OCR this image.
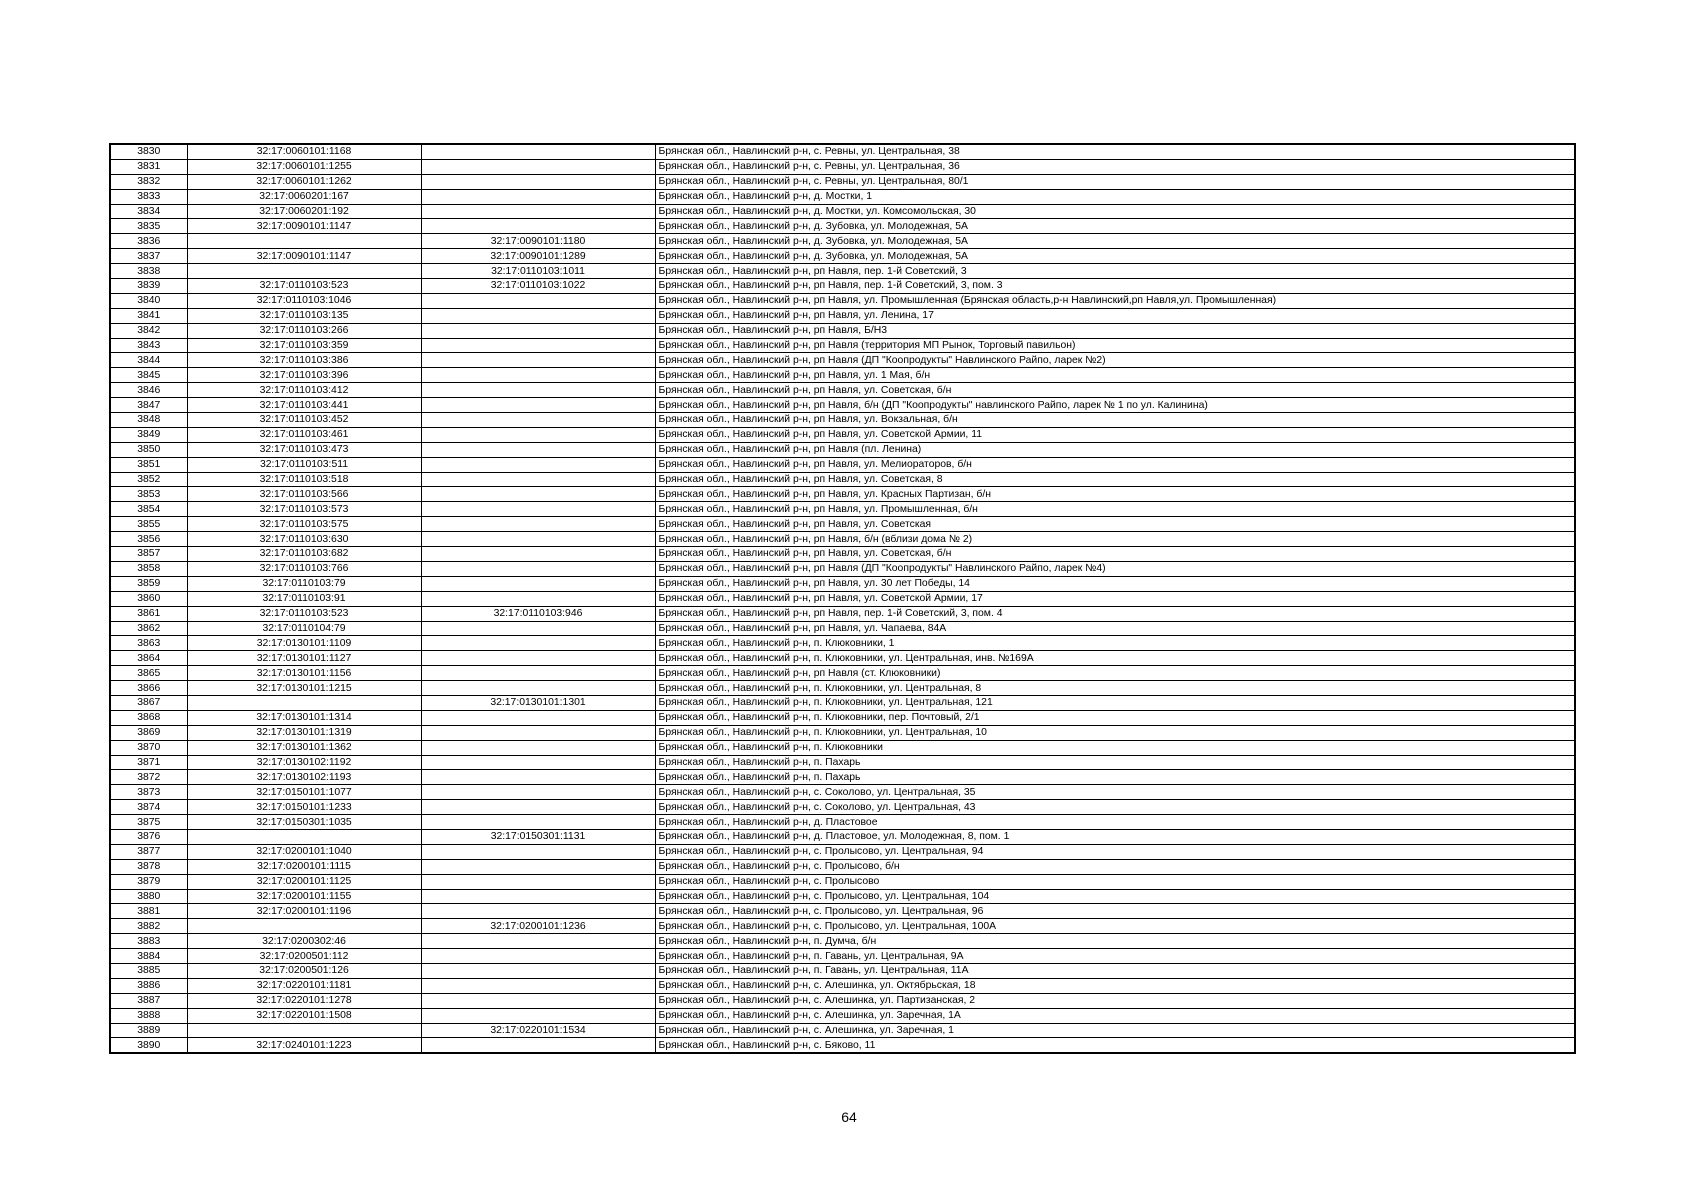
3830	32:17:0060101:1168		Брянская обл., Навлинский р-н, с. Ревны, ул. Центральная, 38
3831	32:17:0060101:1255		Брянская обл., Навлинский р-н, с. Ревны, ул. Центральная, 36
3832	32:17:0060101:1262		Брянская обл., Навлинский р-н, с. Ревны, ул. Центральная, 80/1
3833	32:17:0060201:167		Брянская обл., Навлинский р-н, д. Мостки, 1
3834	32:17:0060201:192		Брянская обл., Навлинский р-н, д. Мостки, ул. Комсомольская, 30
3835	32:17:0090101:1147		Брянская обл., Навлинский р-н, д. Зубовка, ул. Молодежная, 5А
3836		32:17:0090101:1180	Брянская обл., Навлинский р-н, д. Зубовка, ул. Молодежная, 5А
3837	32:17:0090101:1147	32:17:0090101:1289	Брянская обл., Навлинский р-н, д. Зубовка, ул. Молодежная, 5А
3838		32:17:0110103:1011	Брянская обл., Навлинский р-н, рп Навля, пер. 1-й Советский, 3
3839	32:17:0110103:523	32:17:0110103:1022	Брянская обл., Навлинский р-н, рп Навля, пер. 1-й Советский, 3, пом. 3
3840	32:17:0110103:1046		Брянская обл., Навлинский р-н, рп Навля, ул. Промышленная (Брянская область,р-н Навлинский,рп Навля,ул. Промышленная)
3841	32:17:0110103:135		Брянская обл., Навлинский р-н, рп Навля, ул. Ленина, 17
3842	32:17:0110103:266		Брянская обл., Навлинский р-н, рп Навля, Б/Н3
3843	32:17:0110103:359		Брянская обл., Навлинский р-н, рп Навля (территория МП Рынок, Торговый павильон)
3844	32:17:0110103:386		Брянская обл., Навлинский р-н, рп Навля (ДП "Коопродукты" Навлинского Райпо, ларек №2)
3845	32:17:0110103:396		Брянская обл., Навлинский р-н, рп Навля, ул. 1 Мая, б/н
3846	32:17:0110103:412		Брянская обл., Навлинский р-н, рп Навля, ул. Советская, б/н
3847	32:17:0110103:441		Брянская обл., Навлинский р-н, рп Навля, б/н (ДП "Коопродукты" навлинского Райпо, ларек № 1 по ул. Калинина)
3848	32:17:0110103:452		Брянская обл., Навлинский р-н, рп Навля, ул. Вокзальная, б/н
3849	32:17:0110103:461		Брянская обл., Навлинский р-н, рп Навля, ул. Советской Армии, 11
3850	32:17:0110103:473		Брянская обл., Навлинский р-н, рп Навля (пл. Ленина)
3851	32:17:0110103:511		Брянская обл., Навлинский р-н, рп Навля, ул. Мелиораторов, б/н
3852	32:17:0110103:518		Брянская обл., Навлинский р-н, рп Навля, ул. Советская, 8
3853	32:17:0110103:566		Брянская обл., Навлинский р-н, рп Навля, ул. Красных Партизан, б/н
3854	32:17:0110103:573		Брянская обл., Навлинский р-н, рп Навля, ул. Промышленная, б/н
3855	32:17:0110103:575		Брянская обл., Навлинский р-н, рп Навля, ул. Советская
3856	32:17:0110103:630		Брянская обл., Навлинский р-н, рп Навля, б/н (вблизи дома № 2)
3857	32:17:0110103:682		Брянская обл., Навлинский р-н, рп Навля, ул. Советская, б/н
3858	32:17:0110103:766		Брянская обл., Навлинский р-н, рп Навля (ДП "Коопродукты" Навлинского Райпо, ларек №4)
3859	32:17:0110103:79		Брянская обл., Навлинский р-н, рп Навля, ул. 30 лет Победы, 14
3860	32:17:0110103:91		Брянская обл., Навлинский р-н, рп Навля, ул. Советской Армии, 17
3861	32:17:0110103:523	32:17:0110103:946	Брянская обл., Навлинский р-н, рп Навля, пер. 1-й Советский, 3, пом. 4
3862	32:17:0110104:79		Брянская обл., Навлинский р-н, рп Навля, ул. Чапаева, 84А
3863	32:17:0130101:1109		Брянская обл., Навлинский р-н, п. Клюковники, 1
3864	32:17:0130101:1127		Брянская обл., Навлинский р-н, п. Клюковники, ул. Центральная, инв. №169А
3865	32:17:0130101:1156		Брянская обл., Навлинский р-н, рп Навля (ст. Клюковники)
3866	32:17:0130101:1215		Брянская обл., Навлинский р-н, п. Клюковники, ул. Центральная, 8
3867		32:17:0130101:1301	Брянская обл., Навлинский р-н, п. Клюковники, ул. Центральная, 121
3868	32:17:0130101:1314		Брянская обл., Навлинский р-н, п. Клюковники, пер. Почтовый, 2/1
3869	32:17:0130101:1319		Брянская обл., Навлинский р-н, п. Клюковники, ул. Центральная, 10
3870	32:17:0130101:1362		Брянская обл., Навлинский р-н, п. Клюковники
3871	32:17:0130102:1192		Брянская обл., Навлинский р-н, п. Пахарь
3872	32:17:0130102:1193		Брянская обл., Навлинский р-н, п. Пахарь
3873	32:17:0150101:1077		Брянская обл., Навлинский р-н, с. Соколово, ул. Центральная, 35
3874	32:17:0150101:1233		Брянская обл., Навлинский р-н, с. Соколово, ул. Центральная, 43
3875	32:17:0150301:1035		Брянская обл., Навлинский р-н, д. Пластовое
3876		32:17:0150301:1131	Брянская обл., Навлинский р-н, д. Пластовое, ул. Молодежная, 8, пом. 1
3877	32:17:0200101:1040		Брянская обл., Навлинский р-н, с. Пролысово, ул. Центральная, 94
3878	32:17:0200101:1115		Брянская обл., Навлинский р-н, с. Пролысово, б/н
3879	32:17:0200101:1125		Брянская обл., Навлинский р-н, с. Пролысово
3880	32:17:0200101:1155		Брянская обл., Навлинский р-н, с. Пролысово, ул. Центральная, 104
3881	32:17:0200101:1196		Брянская обл., Навлинский р-н, с. Пролысово, ул. Центральная, 96
3882		32:17:0200101:1236	Брянская обл., Навлинский р-н, с. Пролысово, ул. Центральная, 100А
3883	32:17:0200302:46		Брянская обл., Навлинский р-н, п. Думча, б/н
3884	32:17:0200501:112		Брянская обл., Навлинский р-н, п. Гавань, ул. Центральная, 9А
3885	32:17:0200501:126		Брянская обл., Навлинский р-н, п. Гавань, ул. Центральная, 11А
3886	32:17:0220101:1181		Брянская обл., Навлинский р-н, с. Алешинка, ул. Октябрьская, 18
3887	32:17:0220101:1278		Брянская обл., Навлинский р-н, с. Алешинка, ул. Партизанская, 2
3888	32:17:0220101:1508		Брянская обл., Навлинский р-н, с. Алешинка, ул. Заречная, 1А
3889		32:17:0220101:1534	Брянская обл., Навлинский р-н, с. Алешинка, ул. Заречная, 1
3890	32:17:0240101:1223		Брянская обл., Навлинский р-н, с. Бяково, 11
64
